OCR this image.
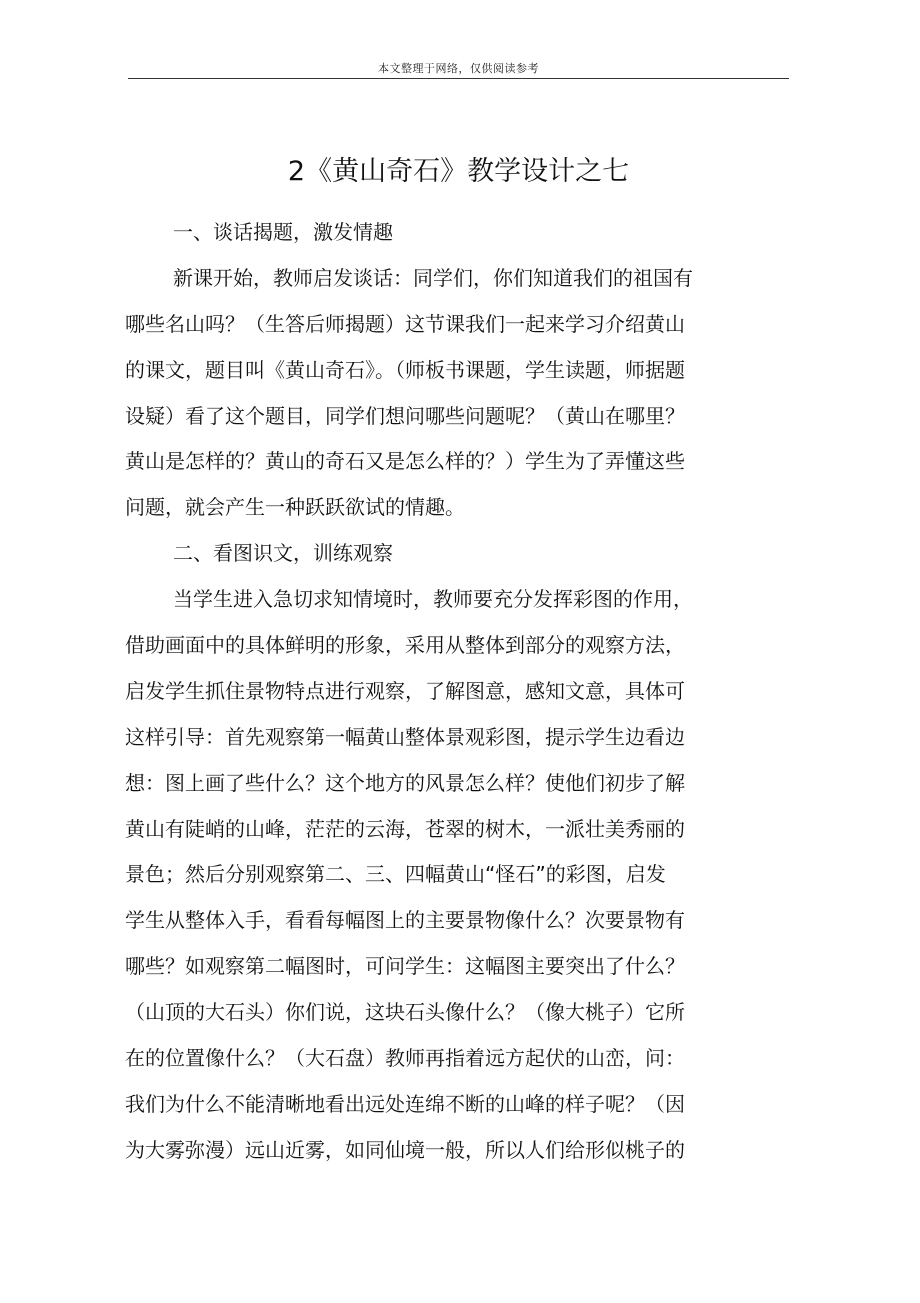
本文整理于网络，仅供阅读参考
2《黄山奇石》教学设计之七
一、谈话揭题，激发情趣
新课开始，教师启发谈话：同学们，你们知道我们的祖国有
哪些名山吗？（生答后师揭题）这节课我们一起来学习介绍黄山
的课文，题目叫《黄山奇石》。（师板书课题，学生读题，师据题
设疑）看了这个题目，同学们想问哪些问题呢？（黄山在哪里？
黄山是怎样的？黄山的奇石又是怎么样的？）学生为了弄懂这些
问题，就会产生一种跃跃欲试的情趣。
二、看图识文，训练观察
当学生进入急切求知情境时，教师要充分发挥彩图的作用，
借助画面中的具体鲜明的形象，采用从整体到部分的观察方法，
启发学生抓住景物特点进行观察，了解图意，感知文意，具体可
这样引导：首先观察第一幅黄山整体景观彩图，提示学生边看边
想：图上画了些什么？这个地方的风景怎么样？使他们初步了解
黄山有陡峭的山峰，茫茫的云海，苍翠的树木，一派壮美秀丽的
景色；然后分别观察第二、三、四幅黄山“怪石”的彩图，启发
学生从整体入手，看看每幅图上的主要景物像什么？次要景物有
哪些？如观察第二幅图时，可问学生：这幅图主要突出了什么？
（山顶的大石头）你们说，这块石头像什么？（像大桃子）它所
在的位置像什么？（大石盘）教师再指着远方起伏的山峦，问：
我们为什么不能清晰地看出远处连绵不断的山峰的样子呢？（因
为大雾弥漫）远山近雾，如同仙境一般，所以人们给形似桃子的
